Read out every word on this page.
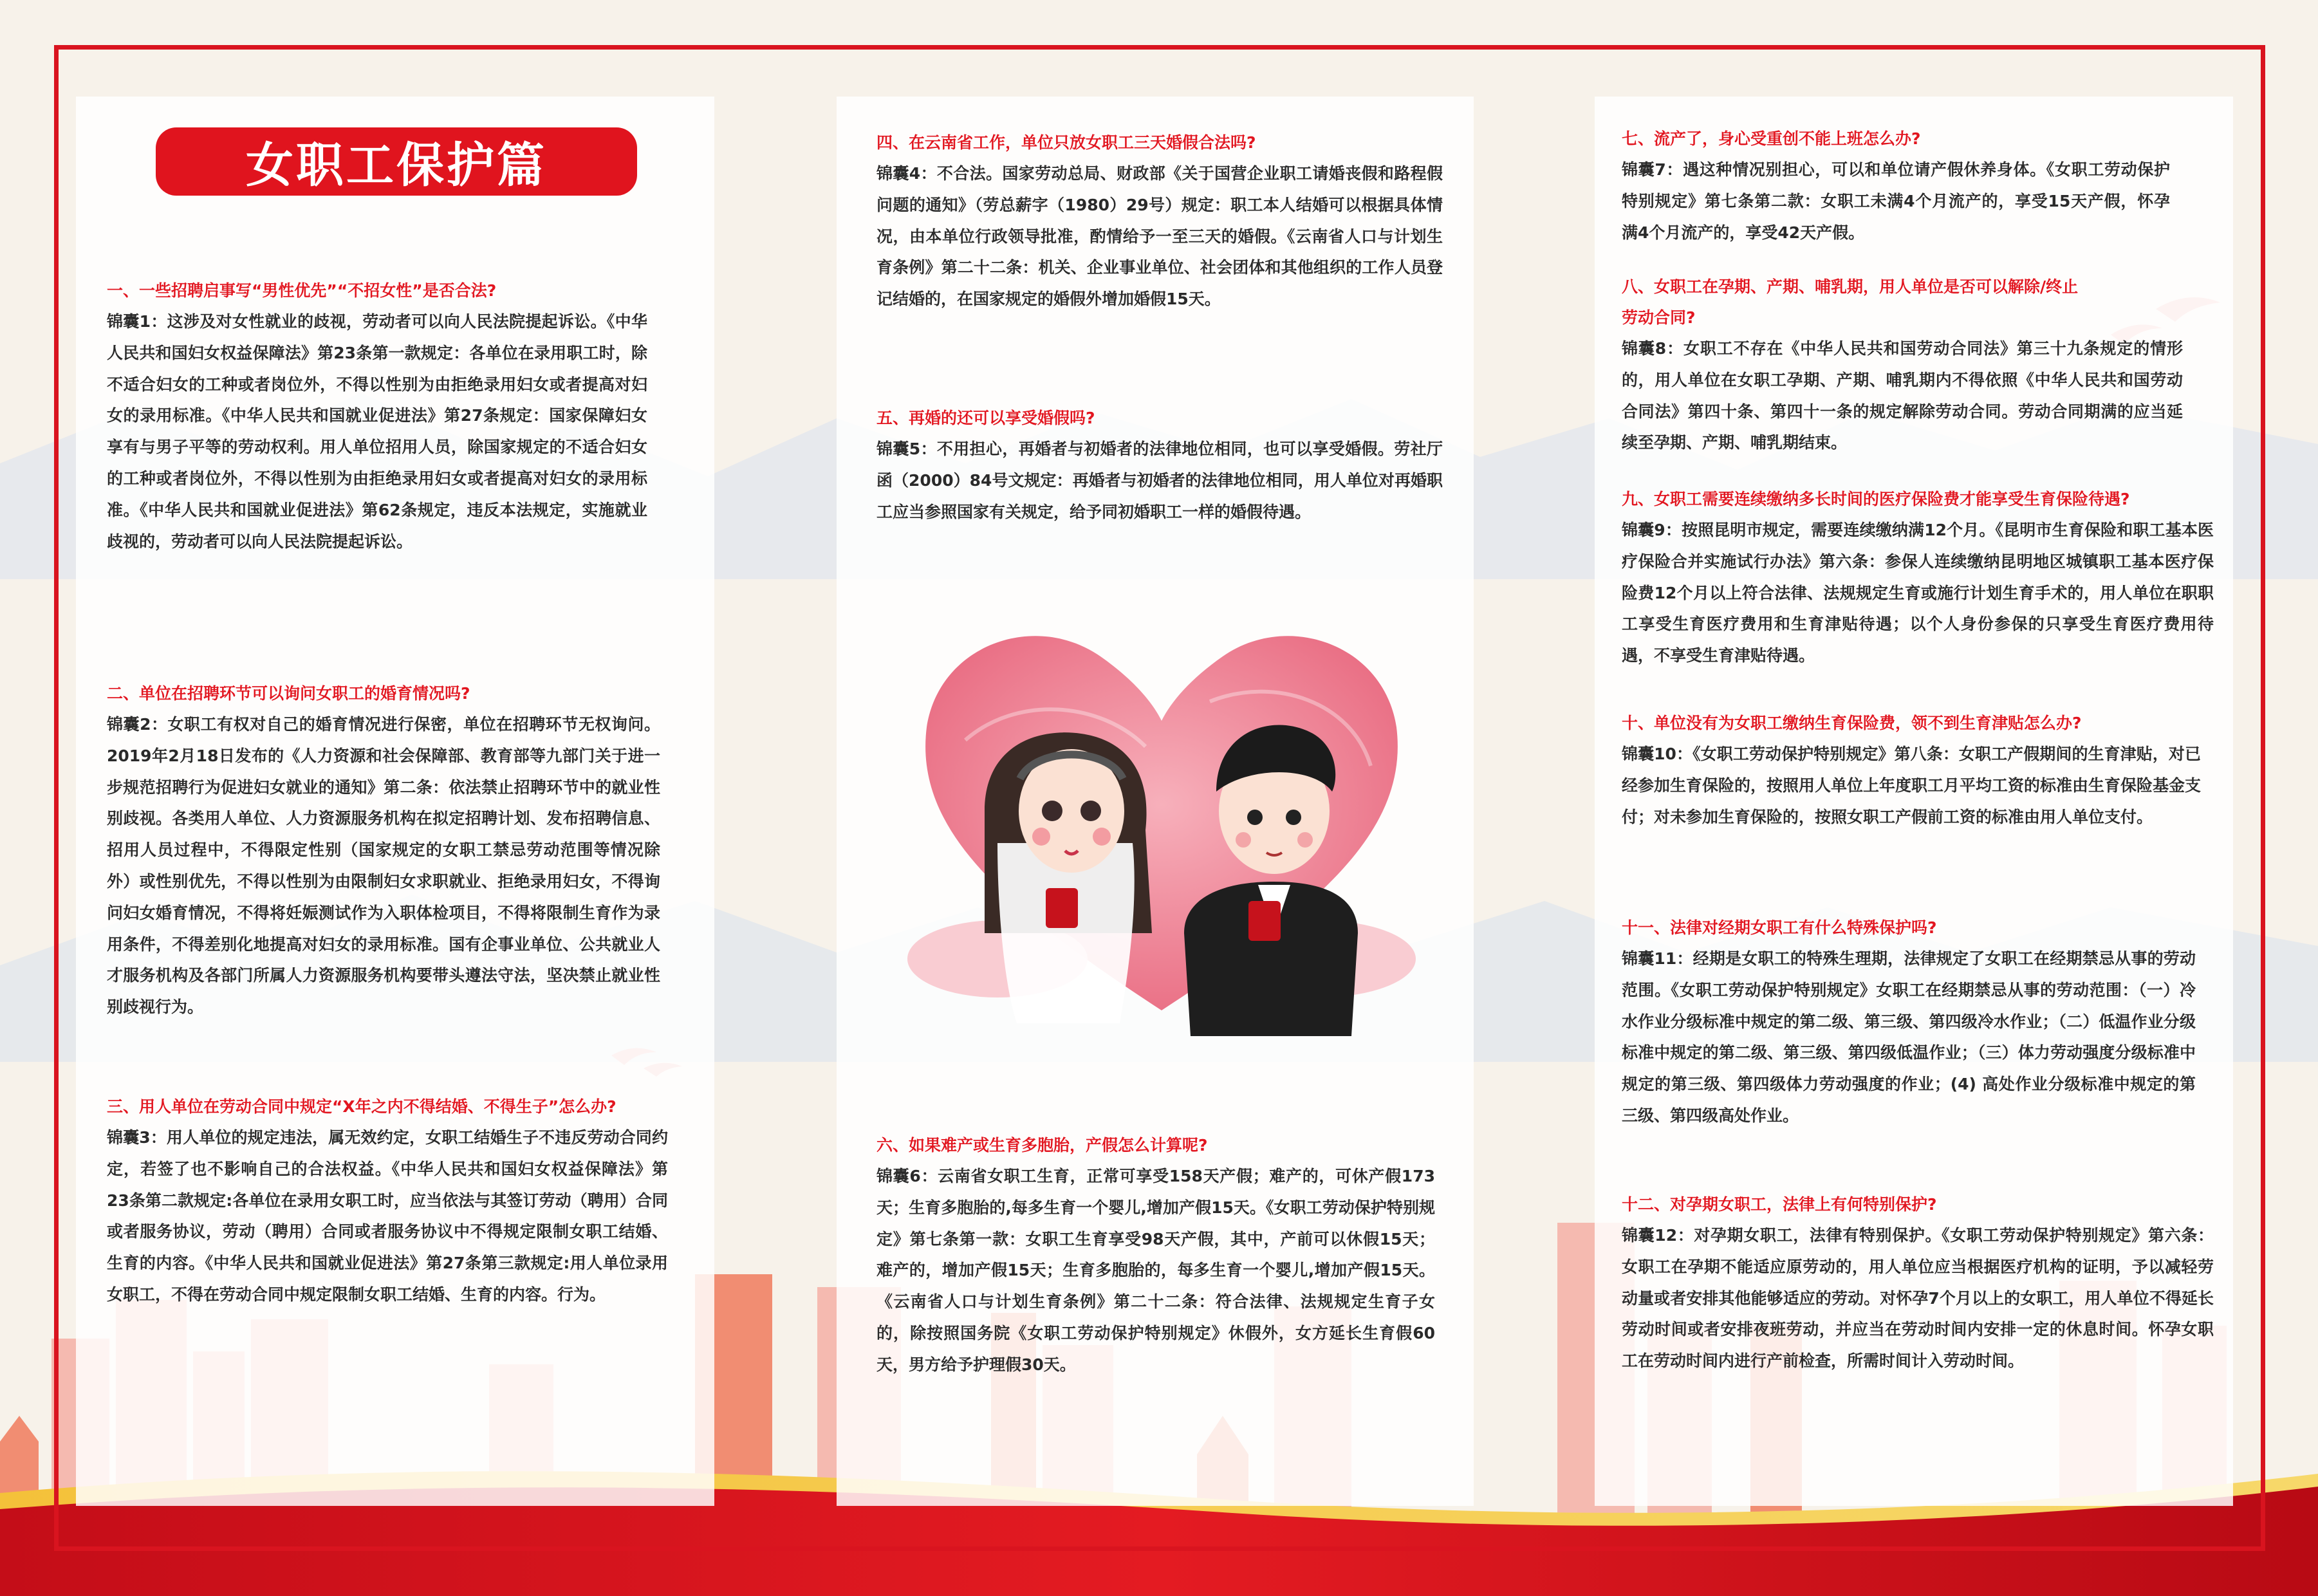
女职工保护篇

一、一些招聘启事写“男性优先”“不招女性”是否合法?

锦囊1：这涉及对女性就业的歧视，劳动者可以向人民法院提起诉讼。《中华人民共和国妇女权益保障法》第23条第一款规定：各单位在录用职工时，除不适合妇女的工种或者岗位外，不得以性别为由拒绝录用妇女或者提高对妇女的录用标准。《中华人民共和国就业促进法》第27条规定：国家保障妇女享有与男子平等的劳动权利。用人单位招用人员，除国家规定的不适合妇女的工种或者岗位外，不得以性别为由拒绝录用妇女或者提高对妇女的录用标准。《中华人民共和国就业促进法》第62条规定，违反本法规定，实施就业歧视的，劳动者可以向人民法院提起诉讼。

二、单位在招聘环节可以询问女职工的婚育情况吗?

锦囊2：女职工有权对自己的婚育情况进行保密，单位在招聘环节无权询问。2019年2月18日发布的《人力资源和社会保障部、教育部等九部门关于进一步规范招聘行为促进妇女就业的通知》第二条：依法禁止招聘环节中的就业性别歧视。各类用人单位、人力资源服务机构在拟定招聘计划、发布招聘信息、招用人员过程中，不得限定性别（国家规定的女职工禁忌劳动范围等情况除外）或性别优先，不得以性别为由限制妇女求职就业、拒绝录用妇女，不得询问妇女婚育情况，不得将妊娠测试作为入职体检项目，不得将限制生育作为录用条件，不得差别化地提高对妇女的录用标准。国有企事业单位、公共就业人才服务机构及各部门所属人力资源服务机构要带头遵法守法，坚决禁止就业性别歧视行为。

三、用人单位在劳动合同中规定“X年之内不得结婚、不得生子”怎么办?

锦囊3：用人单位的规定违法，属无效约定，女职工结婚生子不违反劳动合同约定，若签了也不影响自己的合法权益。《中华人民共和国妇女权益保障法》第23条第二款规定:各单位在录用女职工时，应当依法与其签订劳动（聘用）合同或者服务协议，劳动（聘用）合同或者服务协议中不得规定限制女职工结婚、生育的内容。《中华人民共和国就业促进法》第27条第三款规定:用人单位录用女职工，不得在劳动合同中规定限制女职工结婚、生育的内容。行为。

四、在云南省工作，单位只放女职工三天婚假合法吗?

锦囊4：不合法。国家劳动总局、财政部《关于国营企业职工请婚丧假和路程假问题的通知》（劳总薪字（1980）29号）规定：职工本人结婚可以根据具体情况，由本单位行政领导批准，酌情给予一至三天的婚假。《云南省人口与计划生育条例》第二十二条：机关、企业事业单位、社会团体和其他组织的工作人员登记结婚的，在国家规定的婚假外增加婚假15天。

五、再婚的还可以享受婚假吗?

锦囊5：不用担心，再婚者与初婚者的法律地位相同，也可以享受婚假。劳社厅函（2000）84号文规定：再婚者与初婚者的法律地位相同，用人单位对再婚职工应当参照国家有关规定，给予同初婚职工一样的婚假待遇。

六、如果难产或生育多胞胎，产假怎么计算呢?

锦囊6：云南省女职工生育，正常可享受158天产假；难产的，可休产假173天；生育多胞胎的,每多生育一个婴儿,增加产假15天。《女职工劳动保护特别规定》第七条第一款：女职工生育享受98天产假，其中，产前可以休假15天；难产的，增加产假15天；生育多胞胎的，每多生育一个婴儿,增加产假15天。《云南省人口与计划生育条例》第二十二条：符合法律、法规规定生育子女的，除按照国务院《女职工劳动保护特别规定》休假外，女方延长生育假60天，男方给予护理假30天。

七、流产了，身心受重创不能上班怎么办?

锦囊7：遇这种情况别担心，可以和单位请产假休养身体。《女职工劳动保护特别规定》第七条第二款：女职工未满4个月流产的，享受15天产假，怀孕满4个月流产的，享受42天产假。

八、女职工在孕期、产期、哺乳期，用人单位是否可以解除/终止劳动合同?

锦囊8：女职工不存在《中华人民共和国劳动合同法》第三十九条规定的情形的，用人单位在女职工孕期、产期、哺乳期内不得依照《中华人民共和国劳动合同法》第四十条、第四十一条的规定解除劳动合同。劳动合同期满的应当延续至孕期、产期、哺乳期结束。

九、女职工需要连续缴纳多长时间的医疗保险费才能享受生育保险待遇?

锦囊9：按照昆明市规定，需要连续缴纳满12个月。《昆明市生育保险和职工基本医疗保险合并实施试行办法》第六条：参保人连续缴纳昆明地区城镇职工基本医疗保险费12个月以上符合法律、法规规定生育或施行计划生育手术的，用人单位在职职工享受生育医疗费用和生育津贴待遇；以个人身份参保的只享受生育医疗费用待遇，不享受生育津贴待遇。

十、单位没有为女职工缴纳生育保险费，领不到生育津贴怎么办?

锦囊10：《女职工劳动保护特别规定》第八条：女职工产假期间的生育津贴，对已经参加生育保险的，按照用人单位上年度职工月平均工资的标准由生育保险基金支付；对未参加生育保险的，按照女职工产假前工资的标准由用人单位支付。

十一、法律对经期女职工有什么特殊保护吗?

锦囊11：经期是女职工的特殊生理期，法律规定了女职工在经期禁忌从事的劳动范围。《女职工劳动保护特别规定》女职工在经期禁忌从事的劳动范围：（一）冷水作业分级标准中规定的第二级、第三级、第四级冷水作业；（二）低温作业分级标准中规定的第二级、第三级、第四级低温作业；（三）体力劳动强度分级标准中规定的第三级、第四级体力劳动强度的作业；(4) 高处作业分级标准中规定的第三级、第四级高处作业。

十二、对孕期女职工，法律上有何特别保护?

锦囊12：对孕期女职工，法律有特别保护。《女职工劳动保护特别规定》第六条：女职工在孕期不能适应原劳动的，用人单位应当根据医疗机构的证明，予以减轻劳动量或者安排其他能够适应的劳动。对怀孕7个月以上的女职工，用人单位不得延长劳动时间或者安排夜班劳动，并应当在劳动时间内安排一定的休息时间。怀孕女职工在劳动时间内进行产前检查，所需时间计入劳动时间。
